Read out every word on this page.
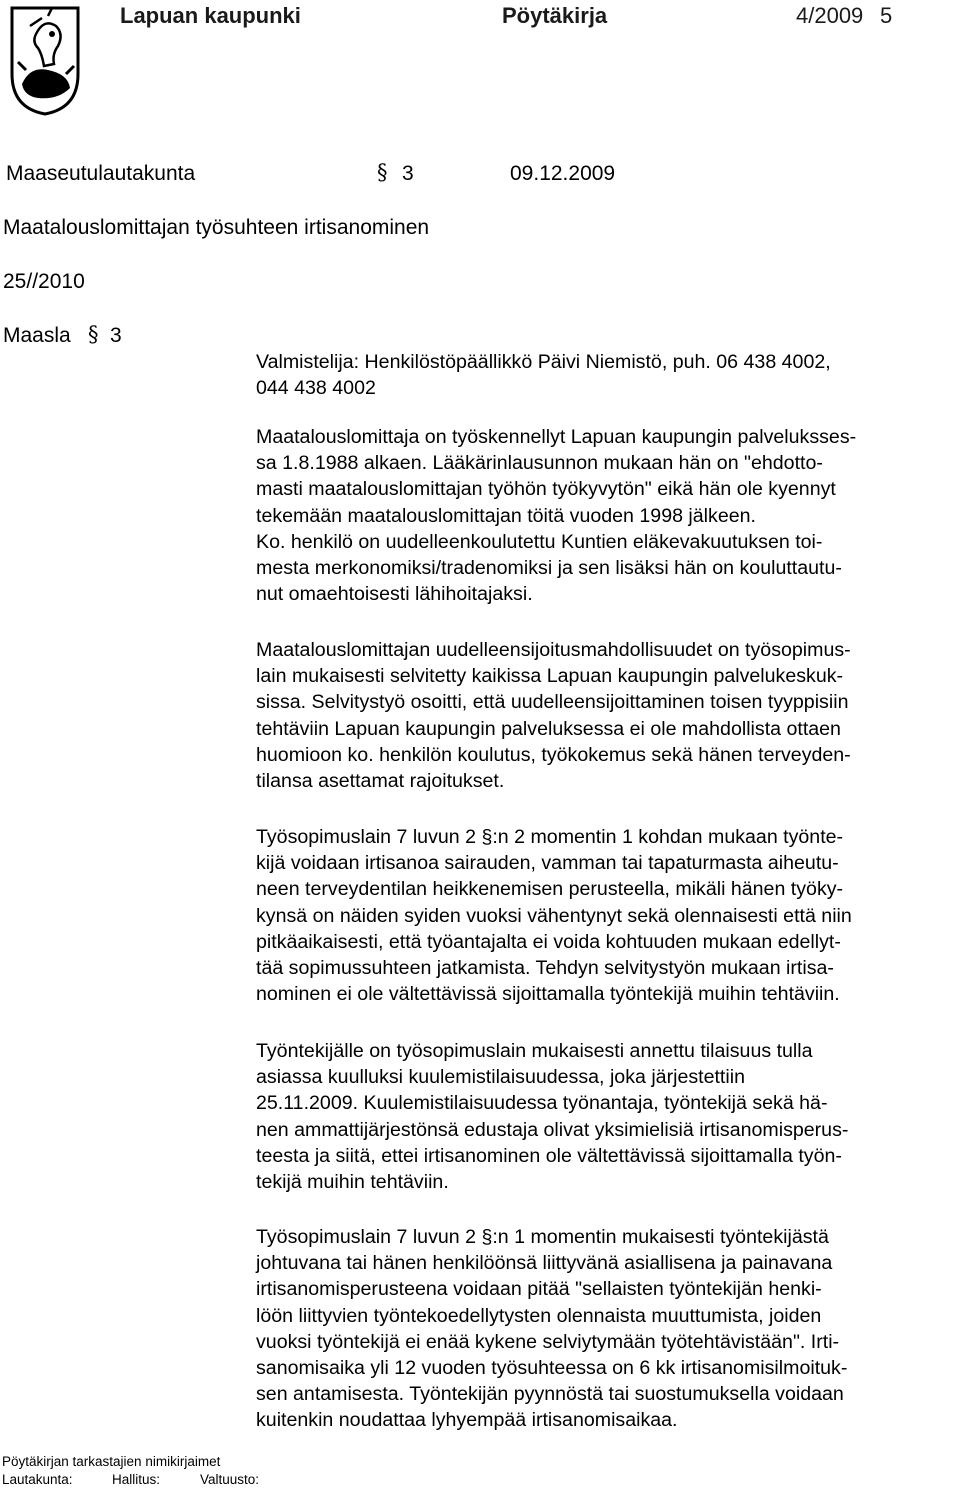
Lapuan kaupunki	Pöytäkirja	4/2009 5
Maaseutulautakunta	§ 3	09.12.2009
Maatalouslomittajan työsuhteen irtisanominen
25//2010
Maasla § 3
Valmistelija: Henkilöstöpäällikkö Päivi Niemistö, puh. 06 438 4002,
044 438 4002
Maatalouslomittaja on työskennellyt Lapuan kaupungin palveluksses-
sa 1.8.1988 alkaen. Lääkärinlausunnon mukaan hän on "ehdotto-
masti maatalouslomittajan työhön työkyvytön" eikä hän ole kyennyt
tekemään maatalouslomittajan töitä vuoden 1998 jälkeen.
Ko. henkilö on uudelleenkoulutettu Kuntien eläkevakuutuksen toi-
mesta merkonomiksi/tradenomiksi ja sen lisäksi hän on kouluttautu-
nut omaehtoisesti lähihoitajaksi.
Maatalouslomittajan uudelleensijoitusmahdollisuudet on työsopimus-
lain mukaisesti selvitetty kaikissa Lapuan kaupungin palvelukeskuk-
sissa. Selvitystyö osoitti, että uudelleensijoittaminen toisen tyyppisiin
tehtäviin Lapuan kaupungin palveluksessa ei ole mahdollista ottaen
huomioon ko. henkilön koulutus, työkokemus sekä hänen terveyden-
tilansa asettamat rajoitukset.
Työsopimuslain 7 luvun 2 §:n 2 momentin 1 kohdan mukaan työnte-
kijä voidaan irtisanoa sairauden, vamman tai tapaturmasta aiheutu-
neen terveydentilan heikkenemisen perusteella, mikäli hänen työky-
kynsä on näiden syiden vuoksi vähentynyt sekä olennaisesti että niin
pitkäaikaisesti, että työantajalta ei voida kohtuuden mukaan edellyt-
tää sopimussuhteen jatkamista. Tehdyn selvitystyön mukaan irtisa-
nominen ei ole vältettävissä sijoittamalla työntekijä muihin tehtäviin.
Työntekijälle on työsopimuslain mukaisesti annettu tilaisuus tulla
asiassa kuulluksi kuulemistilaisuudessa, joka järjestettiin
25.11.2009. Kuulemistilaisuudessa työnantaja, työntekijä sekä hä-
nen ammattijärjestönsä edustaja olivat yksimielisiä irtisanomisperus-
teesta ja siitä, ettei irtisanominen ole vältettävissä sijoittamalla työn-
tekijä muihin tehtäviin.
Työsopimuslain 7 luvun 2 §:n 1 momentin mukaisesti työntekijästä
johtuvana tai hänen henkilöönsä liittyvänä asiallisena ja painavana
irtisanomisperusteena voidaan pitää "sellaisten työntekijän henki-
löön liittyvien työntekoedellytysten olennaista muuttumista, joiden
vuoksi työntekijä ei enää kykene selviytymään työtehtävistään". Irti-
sanomisaika yli 12 vuoden työsuhteessa on 6 kk irtisanomisilmoituk-
sen antamisesta. Työntekijän pyynnöstä tai suostumuksella voidaan
kuitenkin noudattaa lyhyempää irtisanomisaikaa.
Pöytäkirjan tarkastajien nimikirjaimet
Lautakunta:	Hallitus:	Valtuusto:
